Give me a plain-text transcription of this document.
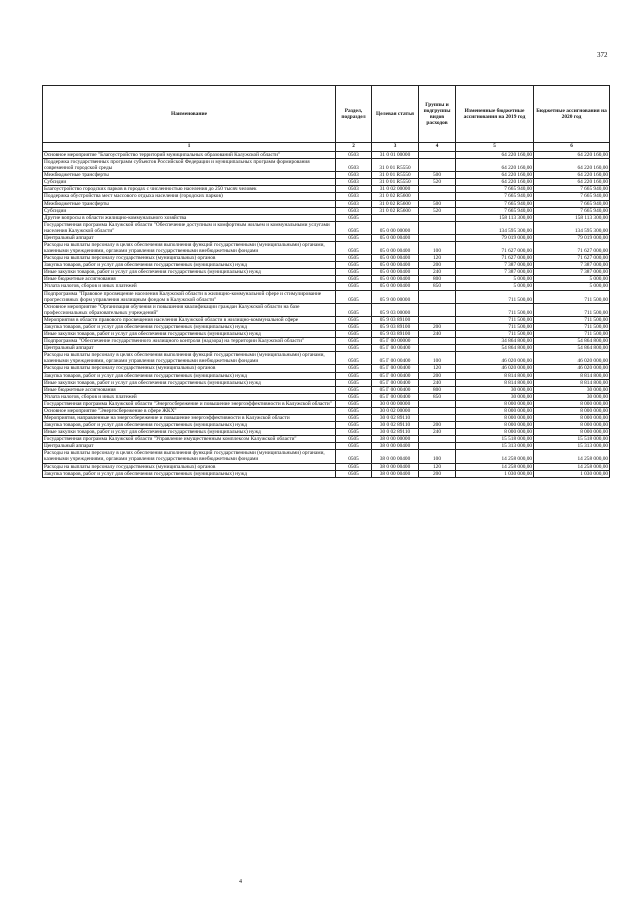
372
Наименование	Раздел, подраздел	Целевая статья	Группы и подгруппы видов расходов	Измененные бюджетные ассигнования на 2019 год	Бюджетные ассигнования на 2020 год
1	2	3	4	5	6
Основное мероприятие "Благоустройство территорий муниципальных образований Калужской области"	0503	31 0 01 00000		64 220 160,00	64 220 160,00
Поддержка государственных программ субъектов Российской Федерации и муниципальных программ формирования современной городской среды	0503	31 0 01 R5550		64 220 160,00	64 220 160,00
Межбюджетные трансферты	0503	31 0 01 R5550	500	64 220 160,00	64 220 160,00
Субсидии	0503	31 0 01 R5550	520	64 220 160,00	64 220 160,00
Благоустройство городских парков в городах с численностью населения до 250 тысяч человек	0503	31 0 02 00000		7 665 940,00	7 665 940,00
Поддержка обустройства мест массового отдыха населения (городских парков)	0503	31 0 02 R5600		7 665 940,00	7 665 940,00
Межбюджетные трансферты	0503	31 0 02 R5600	500	7 665 940,00	7 665 940,00
Субсидии	0503	31 0 02 R5600	520	7 665 940,00	7 665 940,00
Другие вопросы в области жилищно-коммунального хозяйства	0505			158 113 300,00	158 113 300,00
Государственная программа Калужской области "Обеспечение доступным и комфортным жильем и коммунальными услугами населения Калужской области"	0505	05 0 00 00000		134 595 300,00	134 595 300,00
Центральный аппарат	0505	05 0 00 00400		79 019 000,00	79 019 000,00
Расходы на выплаты персоналу в целях обеспечения выполнения функций государственными (муниципальными) органами, казенными учреждениями, органами управления государственными внебюджетными фондами	0505	05 0 00 00400	100	71 627 000,00	71 627 000,00
Расходы на выплаты персоналу государственных (муниципальных) органов	0505	05 0 00 00400	120	71 627 000,00	71 627 000,00
Закупка товаров, работ и услуг для обеспечения государственных (муниципальных) нужд	0505	05 0 00 00400	200	7 387 000,00	7 387 000,00
Иные закупки товаров, работ и услуг для обеспечения государственных (муниципальных) нужд	0505	05 0 00 00400	240	7 387 000,00	7 387 000,00
Иные бюджетные ассигнования	0505	05 0 00 00400	800	5 000,00	5 000,00
Уплата налогов, сборов и иных платежей	0505	05 0 00 00400	850	5 000,00	5 000,00
Подпрограмма "Правовое просвещение населения Калужской области в жилищно-коммунальной сфере и стимулирование прогрессивных форм управления жилищным фондом в Калужской области"	0505	05 9 00 00000		711 500,00	711 500,00
Основное мероприятие "Организация обучения и повышения квалификации граждан Калужской области на базе профессиональных образовательных учреждений"	0505	05 9 03 00000		711 500,00	711 500,00
Мероприятия в области правового просвещения населения Калужской области в жилищно-коммунальной сфере	0505	05 9 03 89100		711 500,00	711 500,00
Закупка товаров, работ и услуг для обеспечения государственных (муниципальных) нужд	0505	05 9 03 89100	200	711 500,00	711 500,00
Иные закупки товаров, работ и услуг для обеспечения государственных (муниципальных) нужд	0505	05 9 03 89100	240	711 500,00	711 500,00
Подпрограмма "Обеспечение государственного жилищного контроля (надзора) на территории Калужской области"	0505	05 Г 00 00000		34 864 800,00	54 864 800,00
Центральный аппарат	0505	05 Г 00 00400		54 864 800,00	54 864 800,00
Расходы на выплаты персоналу в целях обеспечения выполнения функций государственными (муниципальными) органами, казенными учреждениями, органами управления государственными внебюджетными фондами	0505	05 Г 00 00400	100	46 020 000,00	46 020 000,00
Расходы на выплаты персоналу государственных (муниципальных) органов	0505	05 Г 00 00400	120	46 020 000,00	46 020 000,00
Закупка товаров, работ и услуг для обеспечения государственных (муниципальных) нужд	0505	05 Г 00 00400	200	8 814 800,00	8 814 800,00
Иные закупки товаров, работ и услуг для обеспечения государственных (муниципальных) нужд	0505	05 Г 00 00400	240	8 814 800,00	8 814 800,00
Иные бюджетные ассигнования	0505	05 Г 00 00400	800	30 000,00	30 000,00
Уплата налогов, сборов и иных платежей	0505	05 Г 00 00400	850	30 000,00	30 000,00
Государственная программа Калужской области "Энергосбережение и повышение энергоэффективности в Калужской области"	0505	30 0 00 00000		8 000 000,00	8 000 000,00
Основное мероприятие "Энергосбережение в сфере ЖКХ"	0505	30 0 02 00000		8 000 000,00	8 000 000,00
Мероприятия, направленные на энергосбережение и повышение энергоэффективности в Калужской области	0505	30 0 02 89110		8 000 000,00	8 000 000,00
Закупка товаров, работ и услуг для обеспечения государственных (муниципальных) нужд	0505	30 0 02 89110	200	8 000 000,00	8 000 000,00
Иные закупки товаров, работ и услуг для обеспечения государственных (муниципальных) нужд	0505	30 0 02 89110	240	8 000 000,00	8 000 000,00
Государственная программа Калужской области "Управление имущественным комплексом Калужской области"	0505	38 0 00 00000		15 518 000,00	15 518 000,00
Центральный аппарат	0505	38 0 00 00400		15 313 000,00	15 313 000,00
Расходы на выплаты персоналу в целях обеспечения выполнения функций государственными (муниципальными) органами, казенными учреждениями, органами управления государственными внебюджетными фондами	0505	38 0 00 00400	100	14 258 000,00	14 258 000,00
Расходы на выплаты персоналу государственных (муниципальных) органов	0505	38 0 00 00400	120	14 258 000,00	14 258 000,00
Закупка товаров, работ и услуг для обеспечения государственных (муниципальных) нужд	0505	38 0 00 00400	200	1 030 000,00	1 030 000,00
4
